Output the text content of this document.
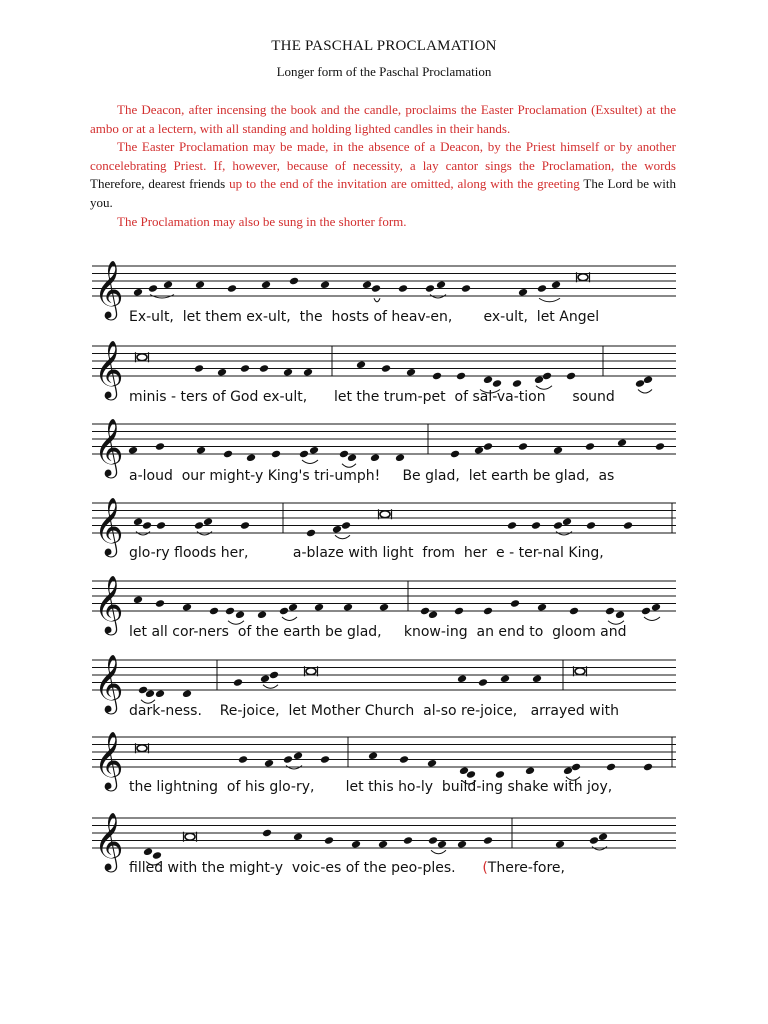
THE PASCHAL PROCLAMATION
Longer form of the Paschal Proclamation

The Deacon, after incensing the book and the candle, proclaims the Easter Proclamation (Exsultet) at the ambo or at a lectern, with all standing and holding lighted candles in their hands.

The Easter Proclamation may be made, in the absence of a Deacon, by the Priest himself or by another concelebrating Priest. If, however, because of necessity, a lay cantor sings the Proclamation, the words Therefore, dearest friends up to the end of the invitation are omitted, along with the greeting The Lord be with you.

The Proclamation may also be sung in the shorter form.

𝄞
𝄞
𝄞
𝄞
𝄞
𝄞
𝄞
𝄞
Ex-ult,  let them ex-ult,  the  hosts of heav-en,       ex-ult,  let Angel
minis - ters of God ex-ult,      let the trum-pet  of sal-va-tion      sound
a-loud  our might-y King's tri-umph!     Be glad,  let earth be glad,  as
glo-ry floods her,          a-blaze with light  from  her  e - ter-nal King,
let all cor-ners  of the earth be glad,     know-ing  an end to  gloom and
dark-ness.    Re-joice,  let Mother Church  al-so re-joice,   arrayed with
the lightning  of his glo-ry,       let this ho-ly  build-ing shake with joy,
filled with the might-y  voic-es of the peo-ples. (There-fore,
